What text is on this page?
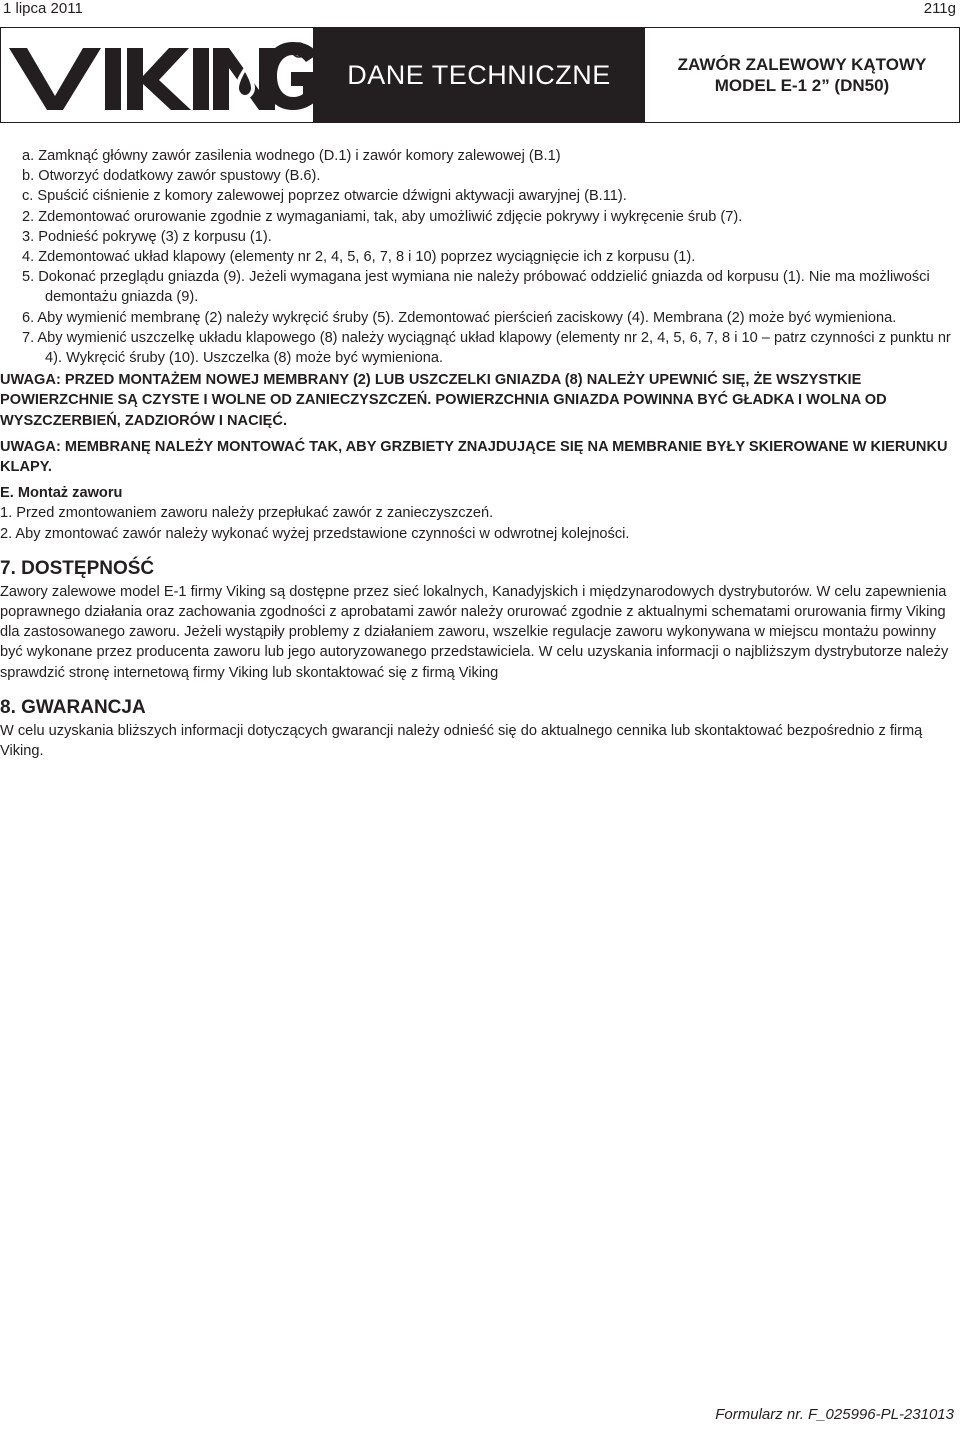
1 lipca 2011	211g
DANE TECHNICZNE	ZAWÓR ZALEWOWY KĄTOWY
MODEL E-1 2” (DN50)

a. Zamknąć główny zawór zasilenia wodnego (D.1) i zawór komory zalewowej (B.1)

b. Otworzyć dodatkowy zawór spustowy (B.6).

c. Spuścić ciśnienie z komory zalewowej poprzez otwarcie dźwigni aktywacji awaryjnej (B.11).

2. Zdemontować orurowanie zgodnie z wymaganiami, tak, aby umożliwić zdjęcie pokrywy i wykręcenie śrub (7).

3. Podnieść pokrywę (3) z korpusu (1).

4. Zdemontować układ klapowy (elementy nr 2, 4, 5, 6, 7, 8 i 10) poprzez wyciągnięcie ich z korpusu (1).

5. Dokonać przeglądu gniazda (9). Jeżeli wymagana jest wymiana nie należy próbować oddzielić gniazda od korpusu (1). Nie ma możliwości demontażu gniazda (9).

6. Aby wymienić membranę (2) należy wykręcić śruby (5). Zdemontować pierścień zaciskowy (4). Membrana (2) może być wymieniona.

7. Aby wymienić uszczelkę układu klapowego (8) należy wyciągnąć układ klapowy (elementy nr 2, 4, 5, 6, 7, 8 i 10 – patrz czynności z punktu nr 4). Wykręcić śruby (10). Uszczelka (8) może być wymieniona.

UWAGA: PRZED MONTAŻEM NOWEJ MEMBRANY (2) LUB USZCZELKI GNIAZDA (8) NALEŻY UPEWNIĆ SIĘ, ŻE WSZYSTKIE POWIERZCHNIE SĄ CZYSTE I WOLNE OD ZANIECZYSZCZEŃ. POWIERZCHNIA GNIAZDA POWINNA BYĆ GŁADKA I WOLNA OD WYSZCZERBIEŃ, ZADZIORÓW I NACIĘĆ.

UWAGA: MEMBRANĘ NALEŻY MONTOWAĆ TAK, ABY GRZBIETY ZNAJDUJĄCE SIĘ NA MEMBRANIE BYŁY SKIEROWANE W KIERUNKU KLAPY.

E. Montaż zaworu

1. Przed zmontowaniem zaworu należy przepłukać zawór z zanieczyszczeń.

2. Aby zmontować zawór należy wykonać wyżej przedstawione czynności w odwrotnej kolejności.

7. DOSTĘPNOŚĆ

Zawory zalewowe model E-1 firmy Viking są dostępne przez sieć lokalnych, Kanadyjskich i międzynarodowych dystrybutorów. W celu zapewnienia poprawnego działania oraz zachowania zgodności z aprobatami zawór należy orurować zgodnie z aktualnymi schematami orurowania firmy Viking dla zastosowanego zaworu. Jeżeli wystąpiły problemy z działaniem zaworu, wszelkie regulacje zaworu wykonywana w miejscu montażu powinny być wykonane przez producenta zaworu lub jego autoryzowanego przedstawiciela. W celu uzyskania informacji o najbliższym dystrybutorze należy sprawdzić stronę internetową firmy Viking lub skontaktować się z firmą Viking

8. GWARANCJA

W celu uzyskania bliższych informacji dotyczących gwarancji należy odnieść się do aktualnego cennika lub skontaktować bezpośrednio z firmą Viking.

Formularz nr. F_025996-PL-231013
